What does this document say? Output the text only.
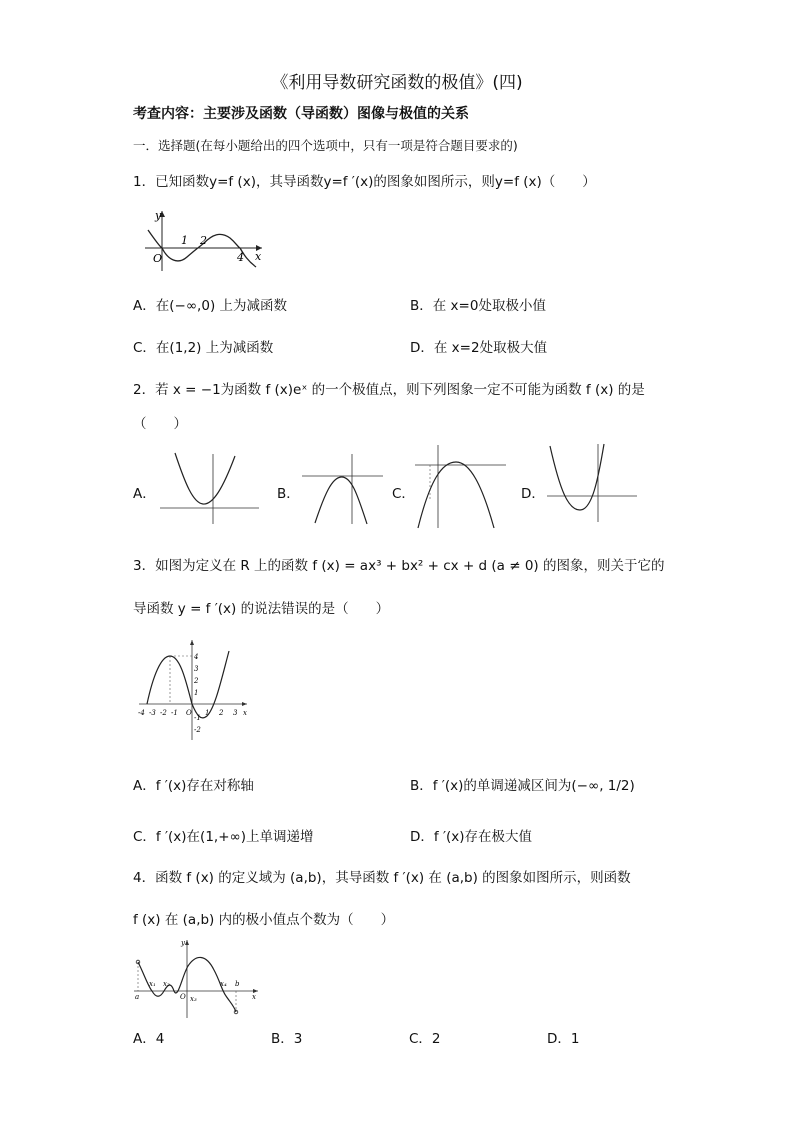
《利用导数研究函数的极值》(四)
考查内容：主要涉及函数（导函数）图像与极值的关系
一．选择题(在每小题给出的四个选项中，只有一项是符合题目要求的)
1．已知函数y=f (x)，其导函数y=f ′(x)的图象如图所示，则y=f (x)（　　）
y
O
1 2
4 x
A．在(−∞,0) 上为减函数	B．在 x=0处取极小值
C．在(1,2) 上为减函数	D．在 x=2处取极大值
2．若 x = −1为函数 f (x)eˣ 的一个极值点，则下列图象一定不可能为函数 f (x) 的是
（　　）
A．	B．	C．	D．
3．如图为定义在 R 上的函数 f (x) = ax³ + bx² + cx + d (a ≠ 0) 的图象，则关于它的
导函数 y = f ′(x) 的说法错误的是（　　）
-4 -3 -2 -1 O 1 2 3 x
4
3
2
1
-1
-2
A．f ′(x)存在对称轴	B．f ′(x)的单调递减区间为(−∞, 1/2)
C．f ′(x)在(1,+∞)上单调递增	D．f ′(x)存在极大值
4．函数 f (x) 的定义域为 (a,b)，其导函数 f ′(x) 在 (a,b) 的图象如图所示，则函数
f (x) 在 (a,b) 内的极小值点个数为（　　）
y
a
x₁ x₂
O x₃
x₄ b
x
A．4	B．3	C．2	D．1
